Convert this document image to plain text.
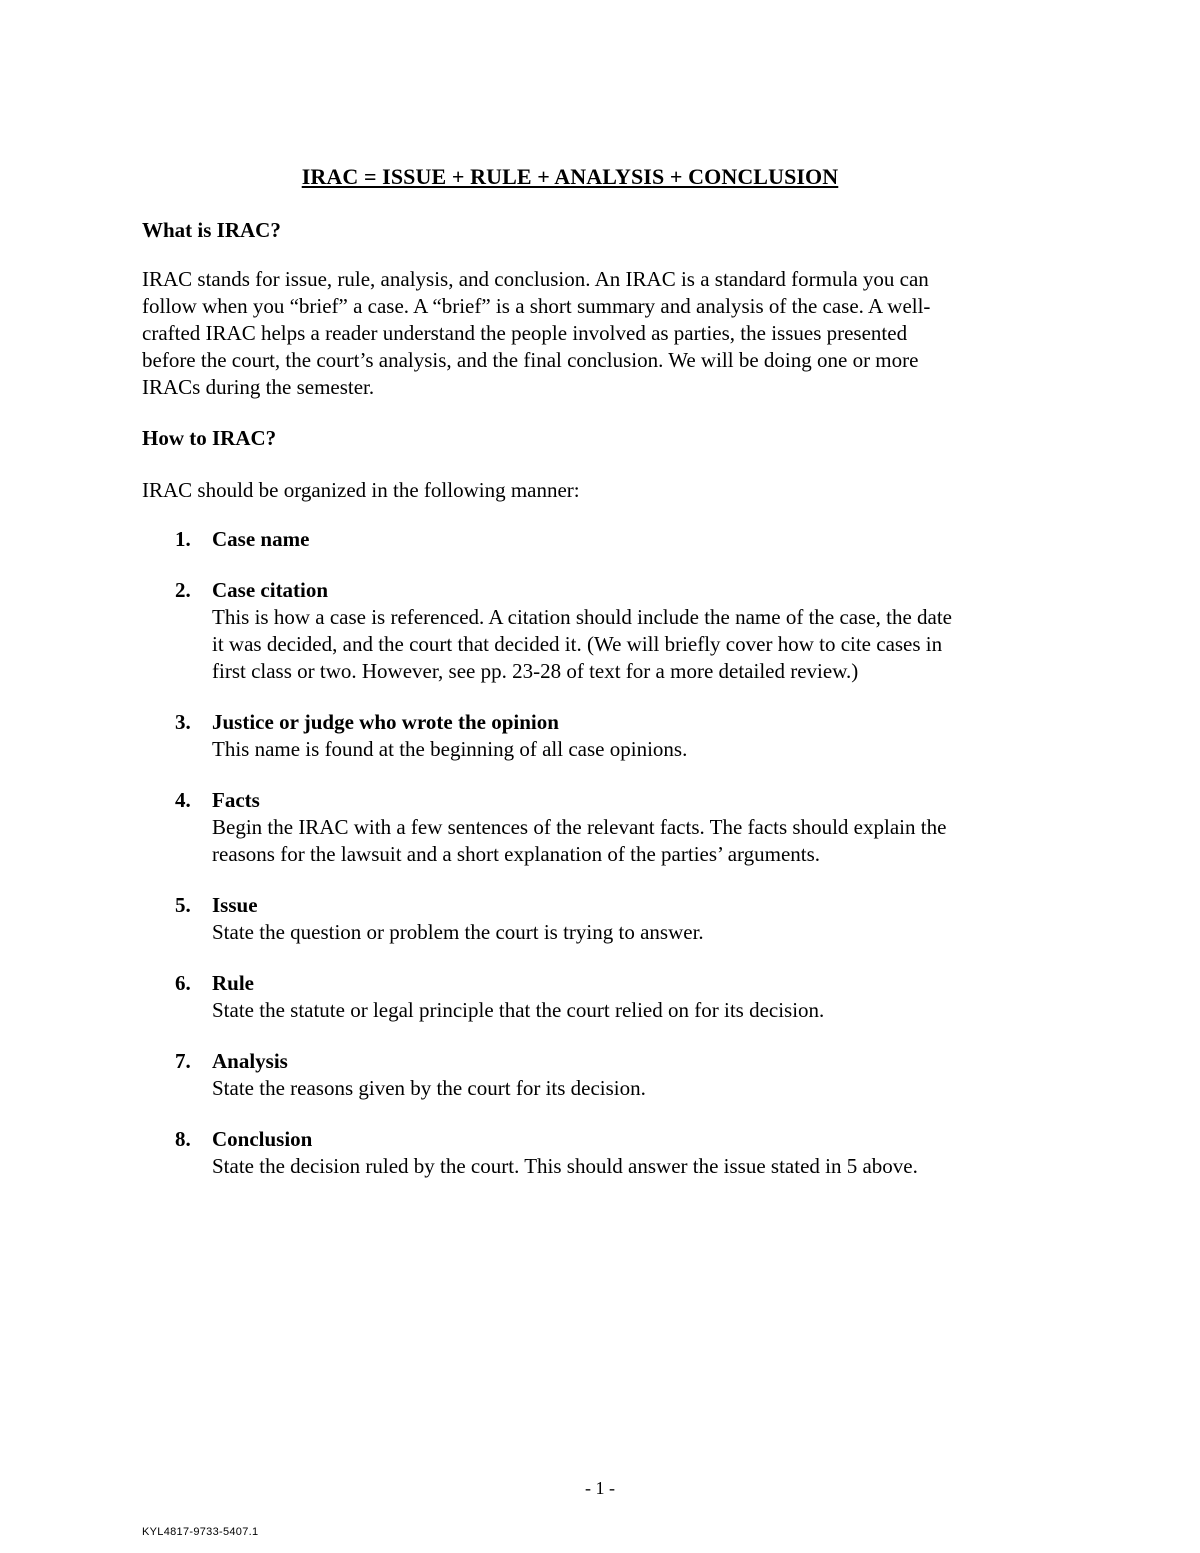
IRAC = ISSUE + RULE + ANALYSIS + CONCLUSION
What is IRAC?
IRAC stands for issue, rule, analysis, and conclusion. An IRAC is a standard formula you can
follow when you “brief” a case. A “brief” is a short summary and analysis of the case. A well-
crafted IRAC helps a reader understand the people involved as parties, the issues presented
before the court, the court’s analysis, and the final conclusion. We will be doing one or more
IRACs during the semester.
How to IRAC?
IRAC should be organized in the following manner:
1. Case name
2. Case citation
This is how a case is referenced. A citation should include the name of the case, the date
it was decided, and the court that decided it. (We will briefly cover how to cite cases in
first class or two. However, see pp. 23-28 of text for a more detailed review.)
3. Justice or judge who wrote the opinion
This name is found at the beginning of all case opinions.
4. Facts
Begin the IRAC with a few sentences of the relevant facts. The facts should explain the
reasons for the lawsuit and a short explanation of the parties’ arguments.
5. Issue
State the question or problem the court is trying to answer.
6. Rule
State the statute or legal principle that the court relied on for its decision.
7. Analysis
State the reasons given by the court for its decision.
8. Conclusion
State the decision ruled by the court. This should answer the issue stated in 5 above.
- 1 -
KYL4817-9733-5407.1
